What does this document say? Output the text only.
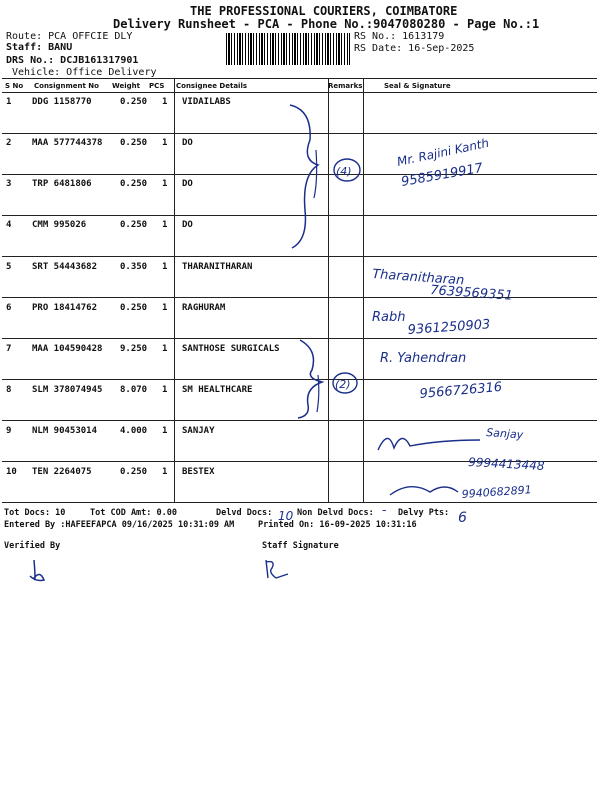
THE PROFESSIONAL COURIERS, COIMBATORE
Delivery Runsheet - PCA - Phone No.:9047080280 - Page No.:1
Route: PCA OFFCIE DLY
Staff: BANU
DRS No.: DCJB161317901
Vehicle: Office Delivery
RS No.: 1613179
RS Date: 16-Sep-2025
S No Consignment No Weight PCS Consignee Details	Remarks	Seal & Signature
1 DDG 1158770	0.250 1 VIDAILABS
2 MAA 577744378 0.250 1 DO
3 TRP 6481806	0.250 1 DO
4 CMM 995026	0.250 1 DO
5 SRT 54443682	0.350 1 THARANITHARAN
6 PRO 18414762	0.250 1 RAGHURAM
7 MAA 104590428 9.250 1 SANTHOSE SURGICALS
8 SLM 378074945 8.070 1 SM HEALTHCARE
9 NLM 90453014	4.000 1 SANJAY
10 TEN 2264075	0.250 1 BESTEX
Tot Docs: 10	Tot COD Amt: 0.00	Delvd Docs:	Non Delvd Docs:	Delvy Pts:
Entered By :HAFEEFAPCA 09/16/2025 10:31:09 AM	Printed On: 16-09-2025 10:31:16
Verified By	Staff Signature
(4)
(2)
Mr. Rajini Kanth
9585919917
Tharanitharan
7639569351
Rabh 9361250903
R. Yahendran
9566726316
Sanjay
9994413448
9940682891
10	-	6
